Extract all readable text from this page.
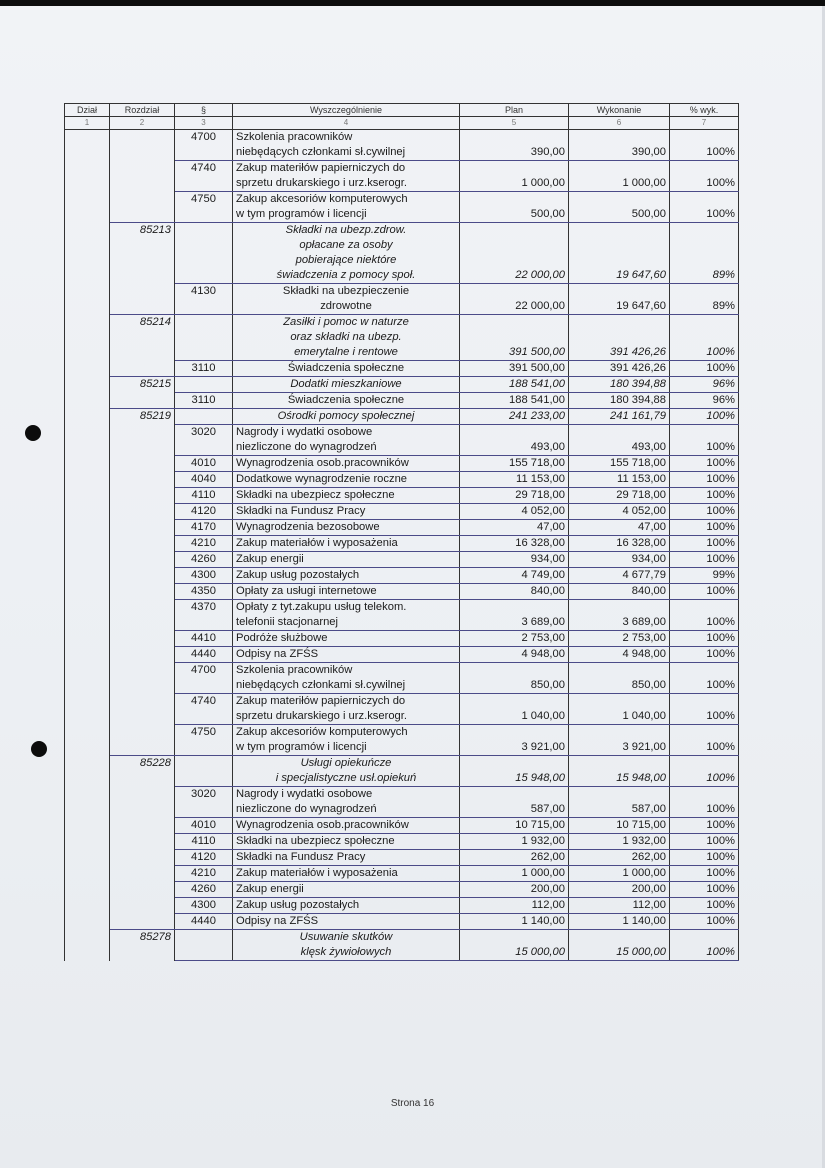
Dział	Rozdział	§	Wyszczególnienie	Plan	Wykonanie	% wyk.
1	2	3	4	5	6	7
		4700	Szkolenia pracowników
niebędących członkami sł.cywilnej	390,00	390,00	100%
		4740	Zakup materiłów papierniczych do
sprzetu drukarskiego i urz.kserogr.	1 000,00	1 000,00	100%
		4750	Zakup akcesoriów komputerowych
w tym programów i licencji	500,00	500,00	100%
	85213		Składki na ubezp.zdrow.
opłacane za osoby
pobierające niektóre
świadczenia z pomocy społ.	22 000,00	19 647,60	89%
		4130	Składki na ubezpieczenie
zdrowotne	22 000,00	19 647,60	89%
	85214		Zasiłki i pomoc w naturze
oraz składki na ubezp.
emerytalne i rentowe	391 500,00	391 426,26	100%
		3110	Świadczenia społeczne	391 500,00	391 426,26	100%
	85215		Dodatki mieszkaniowe	188 541,00	180 394,88	96%
		3110	Świadczenia społeczne	188 541,00	180 394,88	96%
	85219		Ośrodki pomocy społecznej	241 233,00	241 161,79	100%
		3020	Nagrody i wydatki osobowe
niezliczone do wynagrodzeń	493,00	493,00	100%
		4010	Wynagrodzenia osob.pracowników	155 718,00	155 718,00	100%
		4040	Dodatkowe wynagrodzenie roczne	11 153,00	11 153,00	100%
		4110	Składki na ubezpiecz społeczne	29 718,00	29 718,00	100%
		4120	Składki na Fundusz Pracy	4 052,00	4 052,00	100%
		4170	Wynagrodzenia bezosobowe	47,00	47,00	100%
		4210	Zakup materiałów i wyposażenia	16 328,00	16 328,00	100%
		4260	Zakup energii	934,00	934,00	100%
		4300	Zakup usług pozostałych	4 749,00	4 677,79	99%
		4350	Opłaty za usługi internetowe	840,00	840,00	100%
		4370	Opłaty z tyt.zakupu usług telekom.
telefonii stacjonarnej	3 689,00	3 689,00	100%
		4410	Podróże służbowe	2 753,00	2 753,00	100%
		4440	Odpisy na ZFŚS	4 948,00	4 948,00	100%
		4700	Szkolenia pracowników
niebędących członkami sł.cywilnej	850,00	850,00	100%
		4740	Zakup materiłów papierniczych do
sprzetu drukarskiego i urz.kserogr.	1 040,00	1 040,00	100%
		4750	Zakup akcesoriów komputerowych
w tym programów i licencji	3 921,00	3 921,00	100%
	85228		Usługi opiekuńcze
i specjalistyczne usł.opiekuń	15 948,00	15 948,00	100%
		3020	Nagrody i wydatki osobowe
niezliczone do wynagrodzeń	587,00	587,00	100%
		4010	Wynagrodzenia osob.pracowników	10 715,00	10 715,00	100%
		4110	Składki na ubezpiecz społeczne	1 932,00	1 932,00	100%
		4120	Składki na Fundusz Pracy	262,00	262,00	100%
		4210	Zakup materiałów i wyposażenia	1 000,00	1 000,00	100%
		4260	Zakup energii	200,00	200,00	100%
		4300	Zakup usług pozostałych	112,00	112,00	100%
		4440	Odpisy na ZFŚS	1 140,00	1 140,00	100%
	85278		Usuwanie skutków
klęsk żywiołowych	15 000,00	15 000,00	100%
Strona 16
